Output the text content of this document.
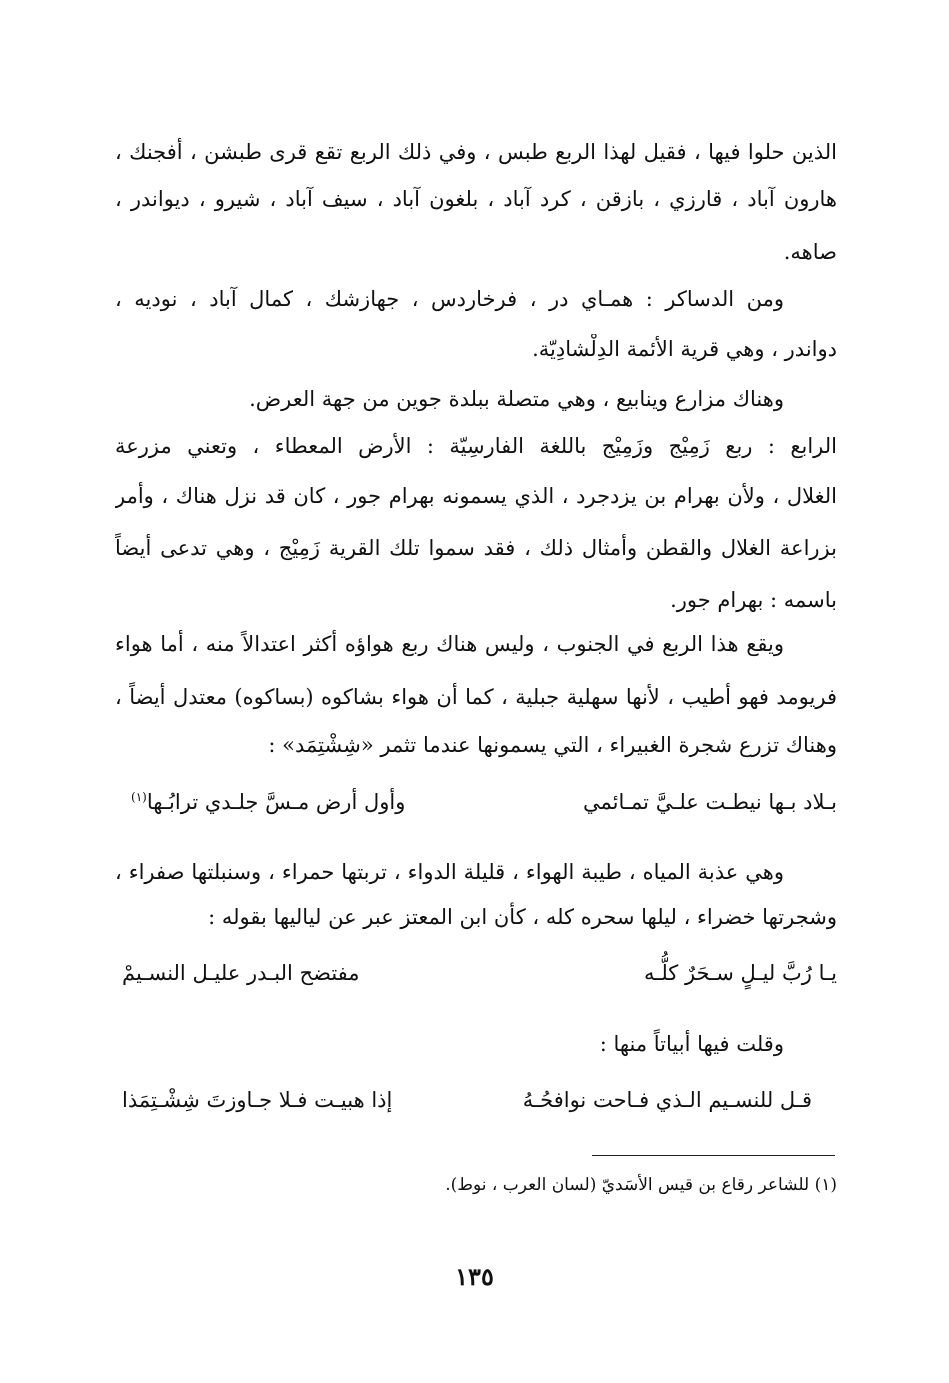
الذين حلوا فيها ، فقيل لهذا الربع طبس ، وفي ذلك الربع تقع قرى طبشن ، أفجنك ،
هارون آباد ، قارزي ، بازقن ، كرد آباد ، بلغون آباد ، سيف آباد ، شيرو ، ديواندر ،
صاهه.
ومن الدساكر : همـاي در ، فرخاردس ، جهازشك ، كمال آباد ، نوديه ،
دواندر ، وهي قرية الأئمة الدِلْشادِيّة.
وهناك مزارع وينابيع ، وهي متصلة ببلدة جوين من جهة العرض.
الرابع : ربع زَمِيْج وزَمِيْج باللغة الفارسِيّة : الأرض المعطاء ، وتعني مزرعة
الغلال ، ولأن بهرام بن يزدجرد ، الذي يسمونه بهرام جور ، كان قد نزل هناك ، وأمر
بزراعة الغلال والقطن وأمثال ذلك ، فقد سموا تلك القرية زَمِيْج ، وهي تدعى أيضاً
باسمه : بهرام جور.
ويقع هذا الربع في الجنوب ، وليس هناك ربع هواؤه أكثر اعتدالاً منه ، أما هواء
فريومد فهو أطيب ، لأنها سهلية جبلية ، كما أن هواء بشاكوه (بساكوه) معتدل أيضاً ،
وهناك تزرع شجرة الغبيراء ، التي يسمونها عندما تثمر «شِشْتِمَد» :
بـلاد بـها نيطـت علـيَّ تمـائمي
وأول أرض مـسَّ جلـدي ترابُـها$^{(١)}$
وهي عذبة المياه ، طيبة الهواء ، قليلة الدواء ، تربتها حمراء ، وسنبلتها صفراء ،
وشجرتها خضراء ، ليلها سحره كله ، كأن ابن المعتز عبر عن لياليها بقوله :
يـا رُبَّ ليـلٍ سـحَرٌ كلُّـه
مفتضح البـدر عليـل النسـيمْ
وقلت فيها أبياتاً منها :
قـل للنسـيم الـذي فـاحت نوافحُـهُ
إذا هبيـت فـلا جـاوزتَ شِشْـتِمَذا
(١) للشاعر رقاع بن قيس الأسَديّ (لسان العرب ، نوط).
١٣٥
